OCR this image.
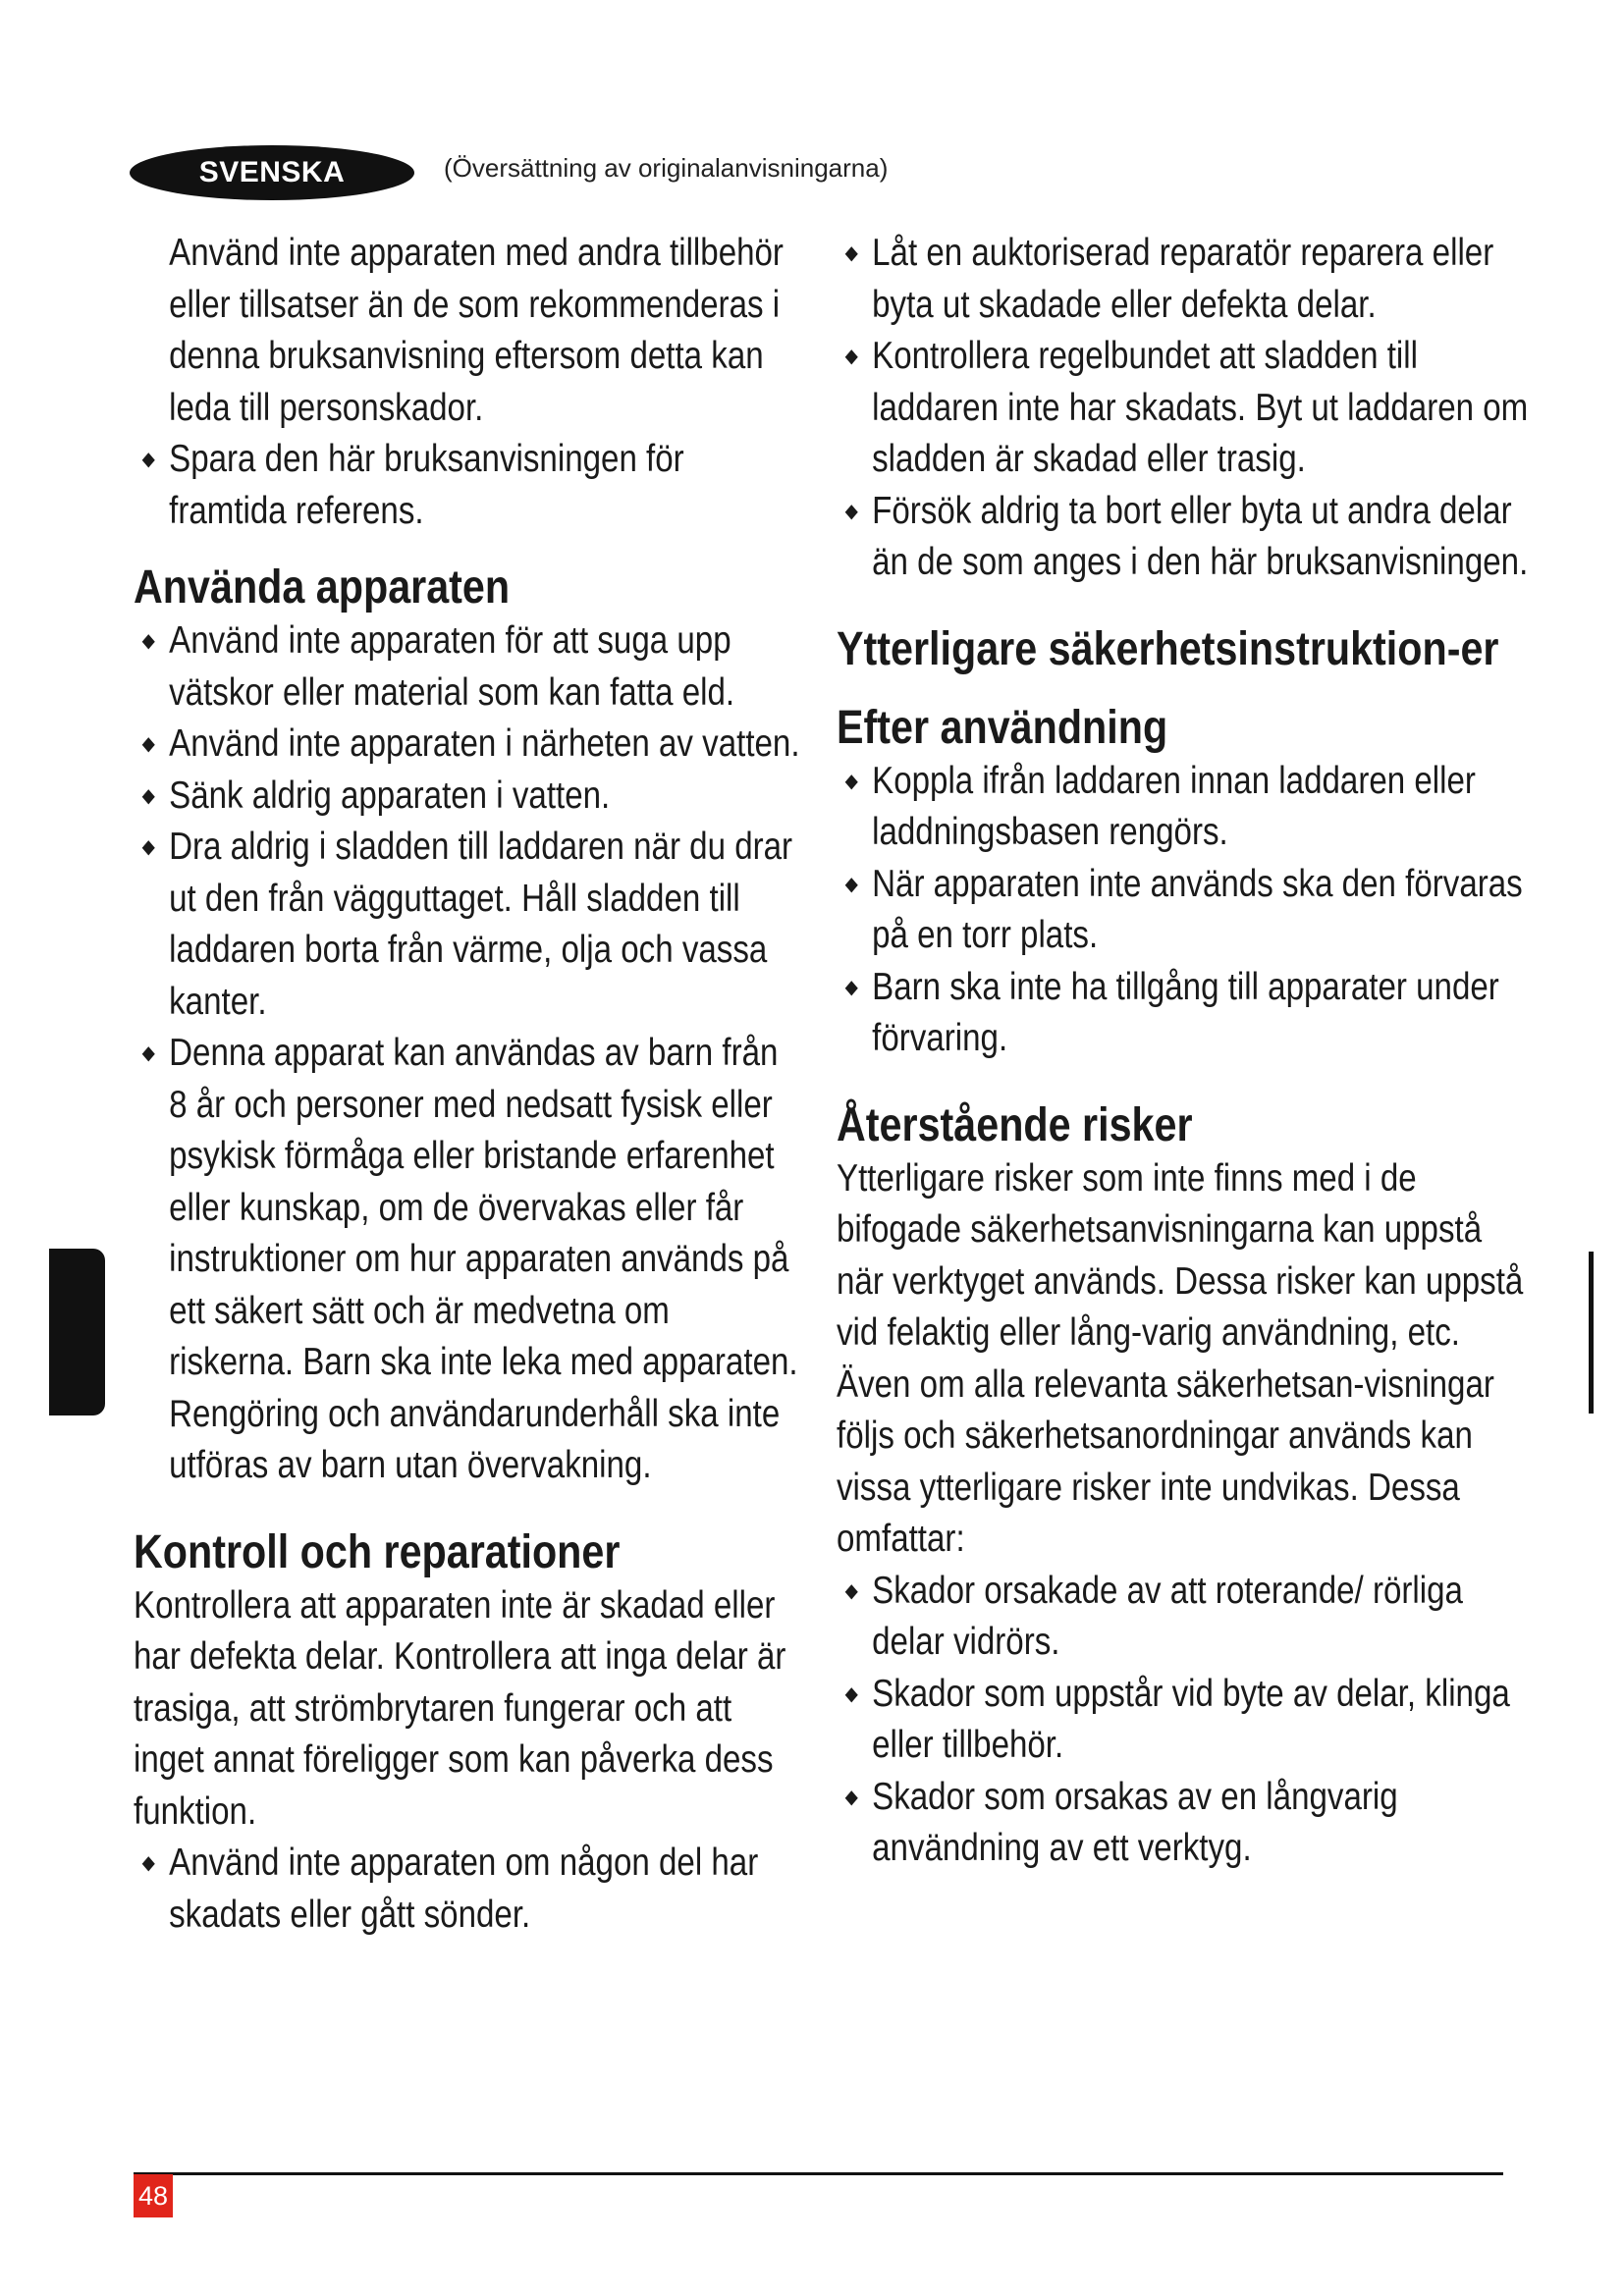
SVENSKA	(Översättning av originalanvisningarna)

Använd inte apparaten med andra tillbehör eller tillsatser än de som rekommenderas i denna bruksanvisning eftersom detta kan leda till personskador.

◆ Spara den här bruksanvisningen för framtida referens.

Använda apparaten

◆ Använd inte apparaten för att suga upp vätskor eller material som kan fatta eld.

◆ Använd inte apparaten i närheten av vatten.

◆ Sänk aldrig apparaten i vatten.

◆ Dra aldrig i sladden till laddaren när du drar ut den från vägguttaget. Håll sladden till laddaren borta från värme, olja och vassa kanter.

◆ Denna apparat kan användas av barn från 8 år och personer med nedsatt fysisk eller psykisk förmåga eller bristande erfarenhet eller kunskap, om de övervakas eller får instruktioner om hur apparaten används på ett säkert sätt och är medvetna om riskerna. Barn ska inte leka med apparaten. Rengöring och användarunderhåll ska inte utföras av barn utan övervakning.

Kontroll och reparationer

Kontrollera att apparaten inte är skadad eller har defekta delar. Kontrollera att inga delar är trasiga, att strömbrytaren fungerar och att inget annat föreligger som kan påverka dess funktion.

◆ Använd inte apparaten om någon del har skadats eller gått sönder.

◆ Låt en auktoriserad reparatör reparera eller byta ut skadade eller defekta delar.

◆ Kontrollera regelbundet att sladden till laddaren inte har skadats. Byt ut laddaren om sladden är skadad eller trasig.

◆ Försök aldrig ta bort eller byta ut andra delar än de som anges i den här bruksanvisningen.

Ytterligare säkerhetsinstruktion-er
Efter användning

◆ Koppla ifrån laddaren innan laddaren eller laddningsbasen rengörs.

◆ När apparaten inte används ska den förvaras på en torr plats.

◆ Barn ska inte ha tillgång till apparater under förvaring.

Återstående risker

Ytterligare risker som inte finns med i de bifogade säkerhetsanvisningarna kan uppstå när verktyget används. Dessa risker kan uppstå vid felaktig eller lång-varig användning, etc.

Även om alla relevanta säkerhetsan-visningar följs och säkerhetsanordningar används kan vissa ytterligare risker inte undvikas. Dessa omfattar:

◆ Skador orsakade av att roterande/ rörliga delar vidrörs.

◆ Skador som uppstår vid byte av delar, klinga eller tillbehör.

◆ Skador som orsakas av en långvarig användning av ett verktyg.

48
